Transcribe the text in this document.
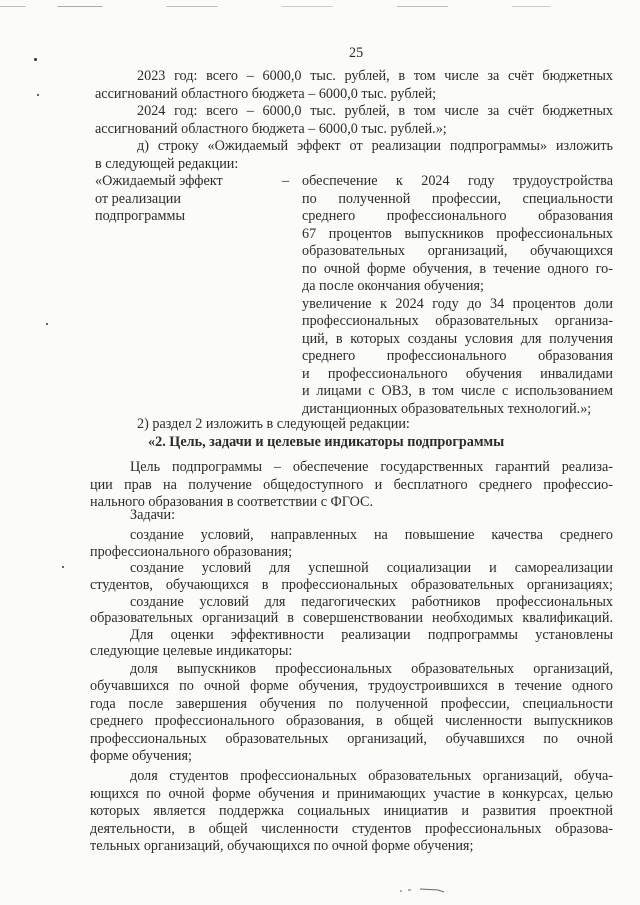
25
2023 год: всего – 6000,0 тыс. рублей, в том числе за счёт бюджетных
ассигнований областного бюджета – 6000,0 тыс. рублей;
2024 год: всего – 6000,0 тыс. рублей, в том числе за счёт бюджетных
ассигнований областного бюджета – 6000,0 тыс. рублей.»;
д) строку «Ожидаемый эффект от реализации подпрограммы» изложить
в следующей редакции:
«Ожидаемый эффект
от реализации
подпрограммы
– обеспечение к 2024 году трудоустройства
по полученной профессии, специальности
среднего профессионального образования
67 процентов выпускников профессиональных
образовательных организаций, обучающихся
по очной форме обучения, в течение одного го-
да после окончания обучения;
увеличение к 2024 году до 34 процентов доли
профессиональных образовательных организа-
ций, в которых созданы условия для получения
среднего профессионального образования
и профессионального обучения инвалидами
и лицами с ОВЗ, в том числе с использованием
дистанционных образовательных технологий.»;
2) раздел 2 изложить в следующей редакции:
«2. Цель, задачи и целевые индикаторы подпрограммы
Цель подпрограммы – обеспечение государственных гарантий реализа-
ции прав на получение общедоступного и бесплатного среднего профессио-
нального образования в соответствии с ФГОС.
Задачи:
создание условий, направленных на повышение качества среднего
профессионального образования;
создание условий для успешной социализации и самореализации
студентов, обучающихся в профессиональных образовательных организациях;
создание условий для педагогических работников профессиональных
образовательных организаций в совершенствовании необходимых квалификаций.
Для оценки эффективности реализации подпрограммы установлены
следующие целевые индикаторы:
доля выпускников профессиональных образовательных организаций,
обучавшихся по очной форме обучения, трудоустроившихся в течение одного
года после завершения обучения по полученной профессии, специальности
среднего профессионального образования, в общей численности выпускников
профессиональных образовательных организаций, обучавшихся по очной
форме обучения;
доля студентов профессиональных образовательных организаций, обуча-
ющихся по очной форме обучения и принимающих участие в конкурсах, целью
которых является поддержка социальных инициатив и развития проектной
деятельности, в общей численности студентов профессиональных образова-
тельных организаций, обучающихся по очной форме обучения;
